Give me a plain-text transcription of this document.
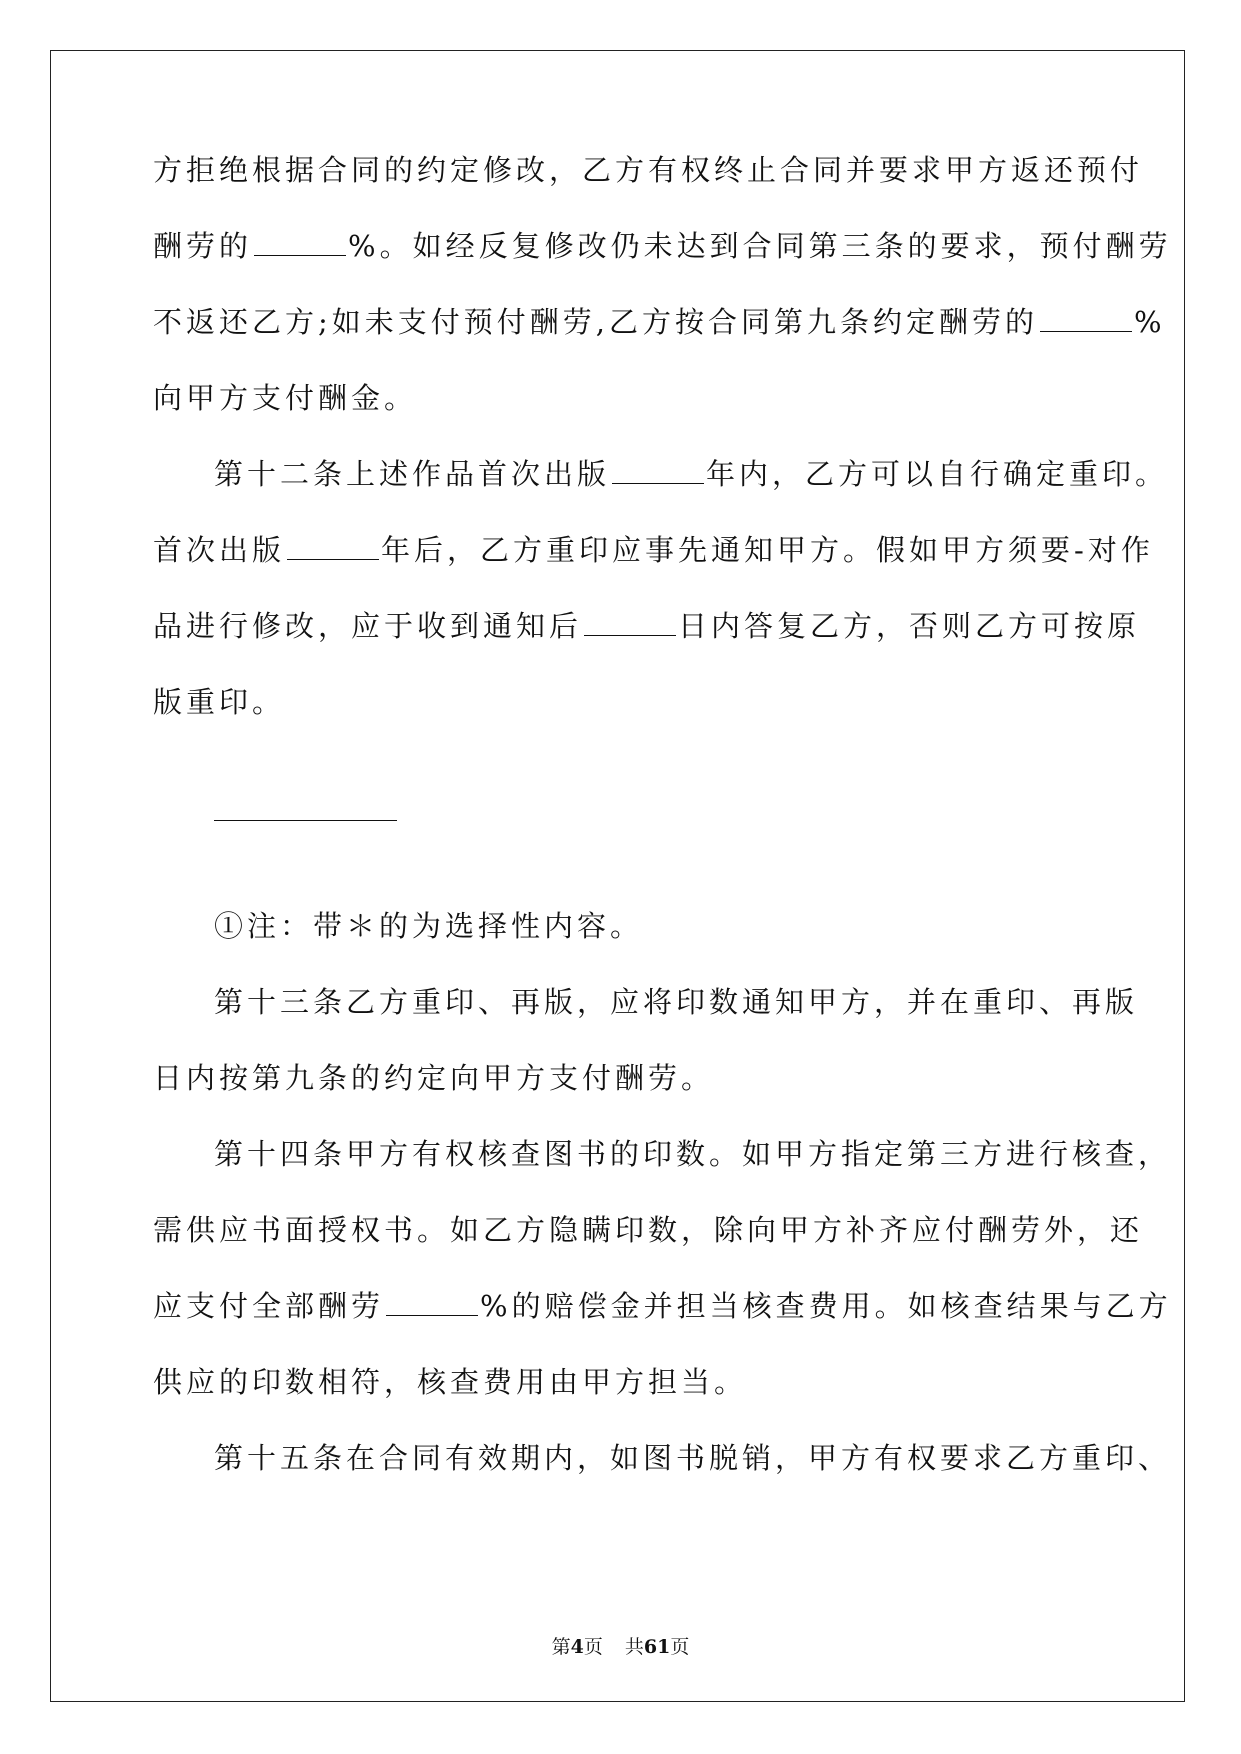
方拒绝根据合同的约定修改，乙方有权终止合同并要求甲方返还预付
酬劳的	%。如经反复修改仍未达到合同第三条的要求，预付酬劳
不返还乙方;如未支付预付酬劳,乙方按合同第九条约定酬劳的	%
向甲方支付酬金。
第十二条上述作品首次出版	年内，乙方可以自行确定重印。
首次出版	年后，乙方重印应事先通知甲方。假如甲方须要-对作
品进行修改，应于收到通知后	日内答复乙方，否则乙方可按原
版重印。
①注：带＊的为选择性内容。
第十三条乙方重印、再版，应将印数通知甲方，并在重印、再版
日内按第九条的约定向甲方支付酬劳。
第十四条甲方有权核查图书的印数。如甲方指定第三方进行核查，
需供应书面授权书。如乙方隐瞒印数，除向甲方补齐应付酬劳外，还
应支付全部酬劳	%的赔偿金并担当核查费用。如核查结果与乙方
供应的印数相符，核查费用由甲方担当。
第十五条在合同有效期内，如图书脱销，甲方有权要求乙方重印、
第4页 共61页
